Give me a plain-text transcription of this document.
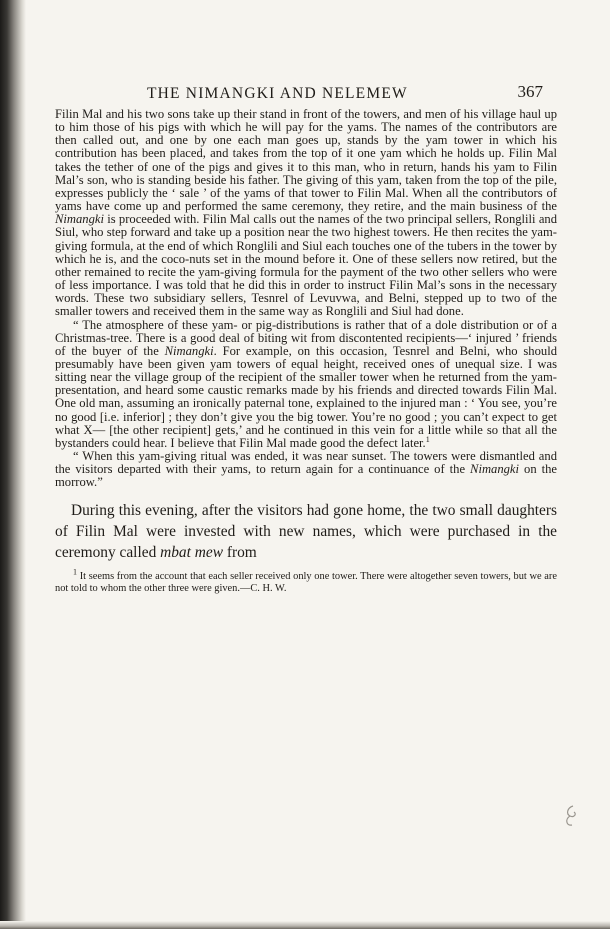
THE NIMANGKI AND NELEMEW	367

Filin Mal and his two sons take up their stand in front of the towers, and men of his village haul up to him those of his pigs with which he will pay for the yams. The names of the contributors are then called out, and one by one each man goes up, stands by the yam tower in which his contribution has been placed, and takes from the top of it one yam which he holds up. Filin Mal takes the tether of one of the pigs and gives it to this man, who in return, hands his yam to Filin Mal’s son, who is standing beside his father. The giving of this yam, taken from the top of the pile, expresses publicly the ‘ sale ’ of the yams of that tower to Filin Mal. When all the contributors of yams have come up and performed the same ceremony, they retire, and the main business of the Nimangki is proceeded with. Filin Mal calls out the names of the two principal sellers, Ronglili and Siul, who step forward and take up a position near the two highest towers. He then recites the yam-giving formula, at the end of which Ronglili and Siul each touches one of the tubers in the tower by which he is, and the coco-nuts set in the mound before it. One of these sellers now retired, but the other remained to recite the yam-giving formula for the payment of the two other sellers who were of less importance. I was told that he did this in order to instruct Filin Mal’s sons in the necessary words. These two subsidiary sellers, Tesnrel of Levuvwa, and Belni, stepped up to two of the smaller towers and received them in the same way as Ronglili and Siul had done.

“ The atmosphere of these yam- or pig-distributions is rather that of a dole distribution or of a Christmas-tree. There is a good deal of biting wit from discontented recipients—‘ injured ’ friends of the buyer of the Nimangki. For example, on this occasion, Tesnrel and Belni, who should presumably have been given yam towers of equal height, received ones of unequal size. I was sitting near the village group of the recipient of the smaller tower when he returned from the yam-presentation, and heard some caustic remarks made by his friends and directed towards Filin Mal. One old man, assuming an ironically paternal tone, explained to the injured man : ‘ You see, you’re no good [i.e. inferior] ; they don’t give you the big tower. You’re no good ; you can’t expect to get what X— [the other recipient] gets,’ and he continued in this vein for a little while so that all the bystanders could hear. I believe that Filin Mal made good the defect later.$^1$

“ When this yam-giving ritual was ended, it was near sunset. The towers were dismantled and the visitors departed with their yams, to return again for a continuance of the Nimangki on the morrow.”

During this evening, after the visitors had gone home, the two small daughters of Filin Mal were invested with new names, which were purchased in the ceremony called mbat mew from

$^1$ It seems from the account that each seller received only one tower. There were altogether seven towers, but we are not told to whom the other three were given.—C. H. W.
